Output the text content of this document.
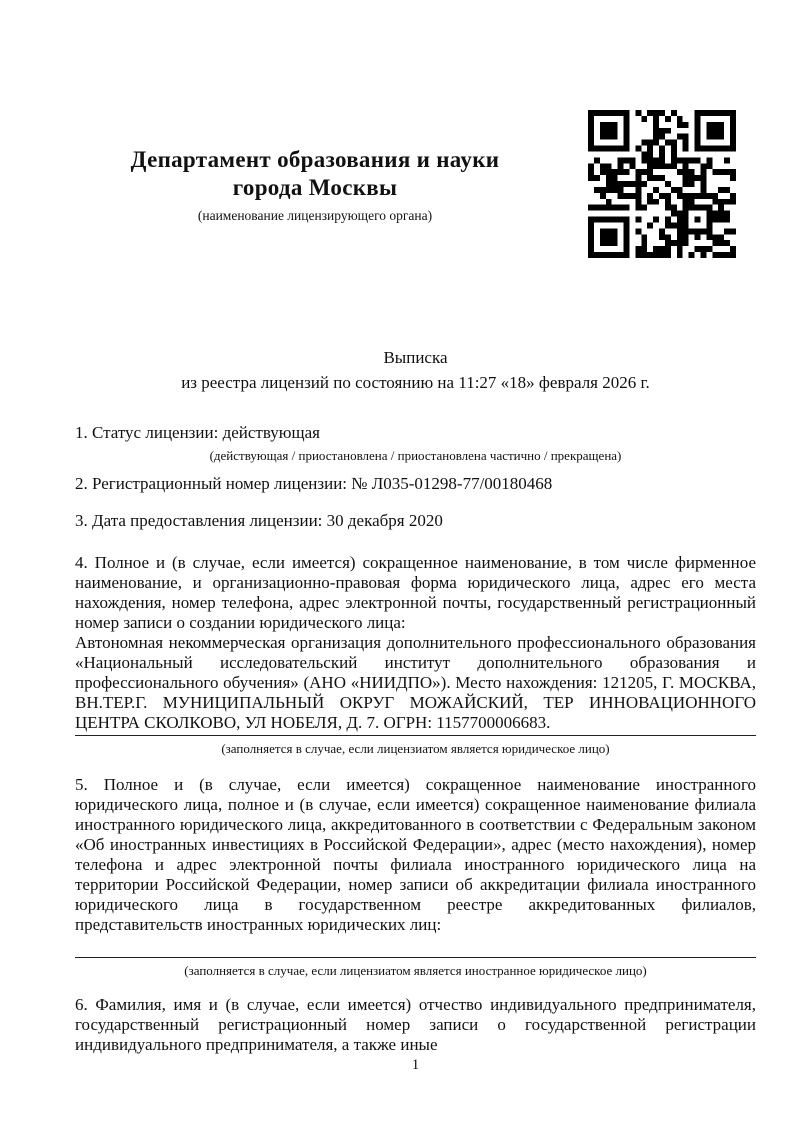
Департамент образования и науки
города Москвы
(наименование лицензирующего органа)
Выписка
из реестра лицензий по состоянию на 11:27 «18» февраля 2026 г.
1. Статус лицензии: действующая
(действующая / приостановлена / приостановлена частично / прекращена)
2. Регистрационный номер лицензии: № Л035-01298-77/00180468
3. Дата предоставления лицензии: 30 декабря 2020
4. Полное и (в случае, если имеется) сокращенное наименование, в том числе фирменное наименование, и организационно-правовая форма юридического лица, адрес его места нахождения, номер телефона, адрес электронной почты, государственный регистрационный номер записи о создании юридического лица:
Автономная некоммерческая организация дополнительного профессионального образования «Национальный исследовательский институт дополнительного образования и профессионального обучения» (АНО «НИИДПО»). Место нахождения: 121205, Г. МОСКВА, ВН.ТЕР.Г. МУНИЦИПАЛЬНЫЙ ОКРУГ МОЖАЙСКИЙ, ТЕР ИННОВАЦИОННОГО ЦЕНТРА СКОЛКОВО, УЛ НОБЕЛЯ, Д. 7. ОГРН: 1157700006683.
(заполняется в случае, если лицензиатом является юридическое лицо)
5. Полное и (в случае, если имеется) сокращенное наименование иностранного юридического лица, полное и (в случае, если имеется) сокращенное наименование филиала иностранного юридического лица, аккредитованного в соответствии с Федеральным законом «Об иностранных инвестициях в Российской Федерации», адрес (место нахождения), номер телефона и адрес электронной почты филиала иностранного юридического лица на территории Российской Федерации, номер записи об аккредитации филиала иностранного юридического лица в государственном реестре аккредитованных филиалов, представительств иностранных юридических лиц:
(заполняется в случае, если лицензиатом является иностранное юридическое лицо)
6. Фамилия, имя и (в случае, если имеется) отчество индивидуального предпринимателя, государственный регистрационный номер записи о государственной регистрации индивидуального предпринимателя, а также иные
1
